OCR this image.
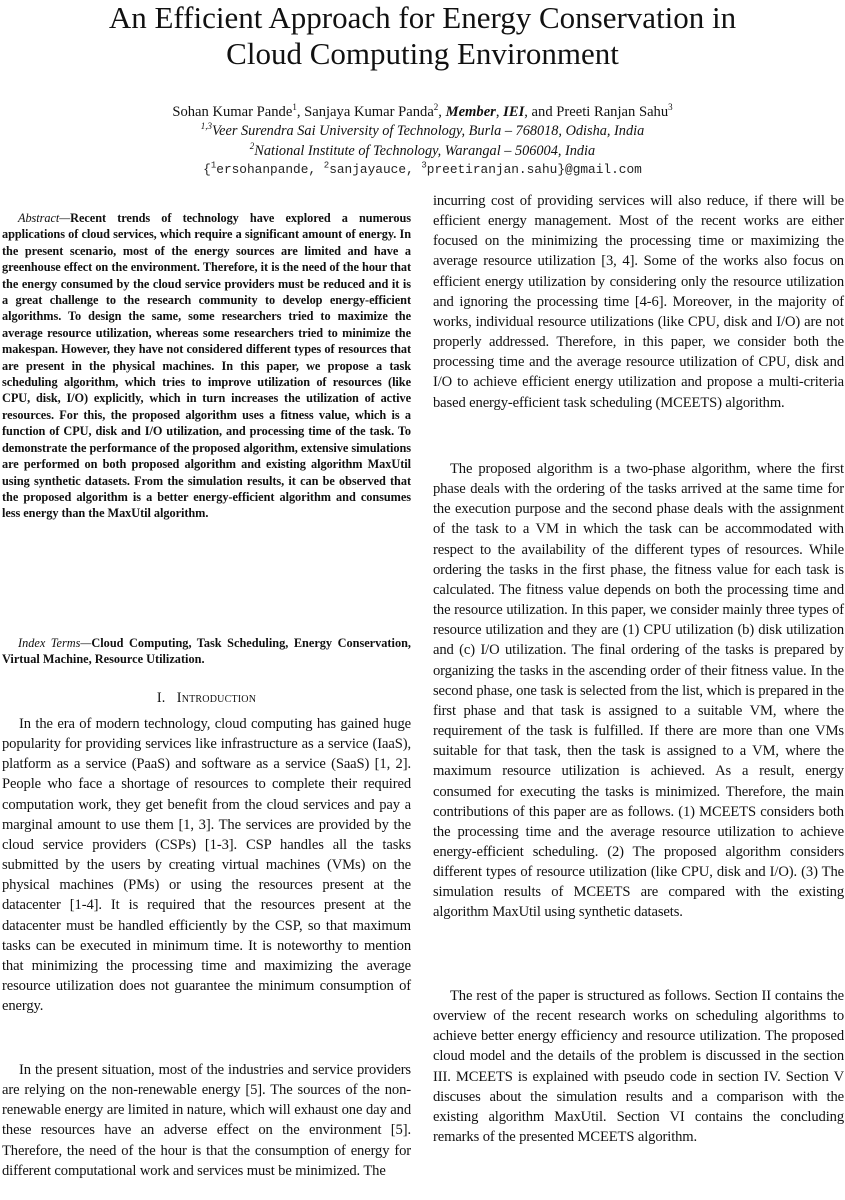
An Efficient Approach for Energy Conservation in
Cloud Computing Environment
Sohan Kumar Pande$^1$, Sanjaya Kumar Panda$^2$, Member, IEI, and Preeti Ranjan Sahu$^3$
$^{1,3}$Veer Surendra Sai University of Technology, Burla – 768018, Odisha, India
$^2$National Institute of Technology, Warangal – 506004, India
{$^1$ersohanpande, $^2$sanjayauce, $^3$preetiranjan.sahu}@gmail.com

Abstract—Recent trends of technology have explored a numerous applications of cloud services, which require a significant amount of energy. In the present scenario, most of the energy sources are limited and have a greenhouse effect on the environment. Therefore, it is the need of the hour that the energy consumed by the cloud service providers must be reduced and it is a great challenge to the research community to develop energy-efficient algorithms. To design the same, some researchers tried to maximize the average resource utilization, whereas some researchers tried to minimize the makespan. However, they have not considered different types of resources that are present in the physical machines. In this paper, we propose a task scheduling algorithm, which tries to improve utilization of resources (like CPU, disk, I/O) explicitly, which in turn increases the utilization of active resources. For this, the proposed algorithm uses a fitness value, which is a function of CPU, disk and I/O utilization, and processing time of the task. To demonstrate the performance of the proposed algorithm, extensive simulations are performed on both proposed algorithm and existing algorithm MaxUtil using synthetic datasets. From the simulation results, it can be observed that the proposed algorithm is a better energy-efficient algorithm and consumes less energy than the MaxUtil algorithm.

Index Terms—Cloud Computing, Task Scheduling, Energy Conservation, Virtual Machine, Resource Utilization.

I. Introduction

In the era of modern technology, cloud computing has gained huge popularity for providing services like infrastructure as a service (IaaS), platform as a service (PaaS) and software as a service (SaaS) [1, 2]. People who face a shortage of resources to complete their required computation work, they get benefit from the cloud services and pay a marginal amount to use them [1, 3]. The services are provided by the cloud service providers (CSPs) [1-3]. CSP handles all the tasks submitted by the users by creating virtual machines (VMs) on the physical machines (PMs) or using the resources present at the datacenter [1-4]. It is required that the resources present at the datacenter must be handled efficiently by the CSP, so that maximum tasks can be executed in minimum time. It is noteworthy to mention that minimizing the processing time and maximizing the average resource utilization does not guarantee the minimum consumption of energy.

In the present situation, most of the industries and service providers are relying on the non-renewable energy [5]. The sources of the non-renewable energy are limited in nature, which will exhaust one day and these resources have an adverse effect on the environment [5]. Therefore, the need of the hour is that the consumption of energy for different computational work and services must be minimized. The

incurring cost of providing services will also reduce, if there will be efficient energy management. Most of the recent works are either focused on the minimizing the processing time or maximizing the average resource utilization [3, 4]. Some of the works also focus on efficient energy utilization by considering only the resource utilization and ignoring the processing time [4-6]. Moreover, in the majority of works, individual resource utilizations (like CPU, disk and I/O) are not properly addressed. Therefore, in this paper, we consider both the processing time and the average resource utilization of CPU, disk and I/O to achieve efficient energy utilization and propose a multi-criteria based energy-efficient task scheduling (MCEETS) algorithm.

The proposed algorithm is a two-phase algorithm, where the first phase deals with the ordering of the tasks arrived at the same time for the execution purpose and the second phase deals with the assignment of the task to a VM in which the task can be accommodated with respect to the availability of the different types of resources. While ordering the tasks in the first phase, the fitness value for each task is calculated. The fitness value depends on both the processing time and the resource utilization. In this paper, we consider mainly three types of resource utilization and they are (1) CPU utilization (b) disk utilization and (c) I/O utilization. The final ordering of the tasks is prepared by organizing the tasks in the ascending order of their fitness value. In the second phase, one task is selected from the list, which is prepared in the first phase and that task is assigned to a suitable VM, where the requirement of the task is fulfilled. If there are more than one VMs suitable for that task, then the task is assigned to a VM, where the maximum resource utilization is achieved. As a result, energy consumed for executing the tasks is minimized. Therefore, the main contributions of this paper are as follows. (1) MCEETS considers both the processing time and the average resource utilization to achieve energy-efficient scheduling. (2) The proposed algorithm considers different types of resource utilization (like CPU, disk and I/O). (3) The simulation results of MCEETS are compared with the existing algorithm MaxUtil using synthetic datasets.

The rest of the paper is structured as follows. Section II contains the overview of the recent research works on scheduling algorithms to achieve better energy efficiency and resource utilization. The proposed cloud model and the details of the problem is discussed in the section III. MCEETS is explained with pseudo code in section IV. Section V discuses about the simulation results and a comparison with the existing algorithm MaxUtil. Section VI contains the concluding remarks of the presented MCEETS algorithm.
